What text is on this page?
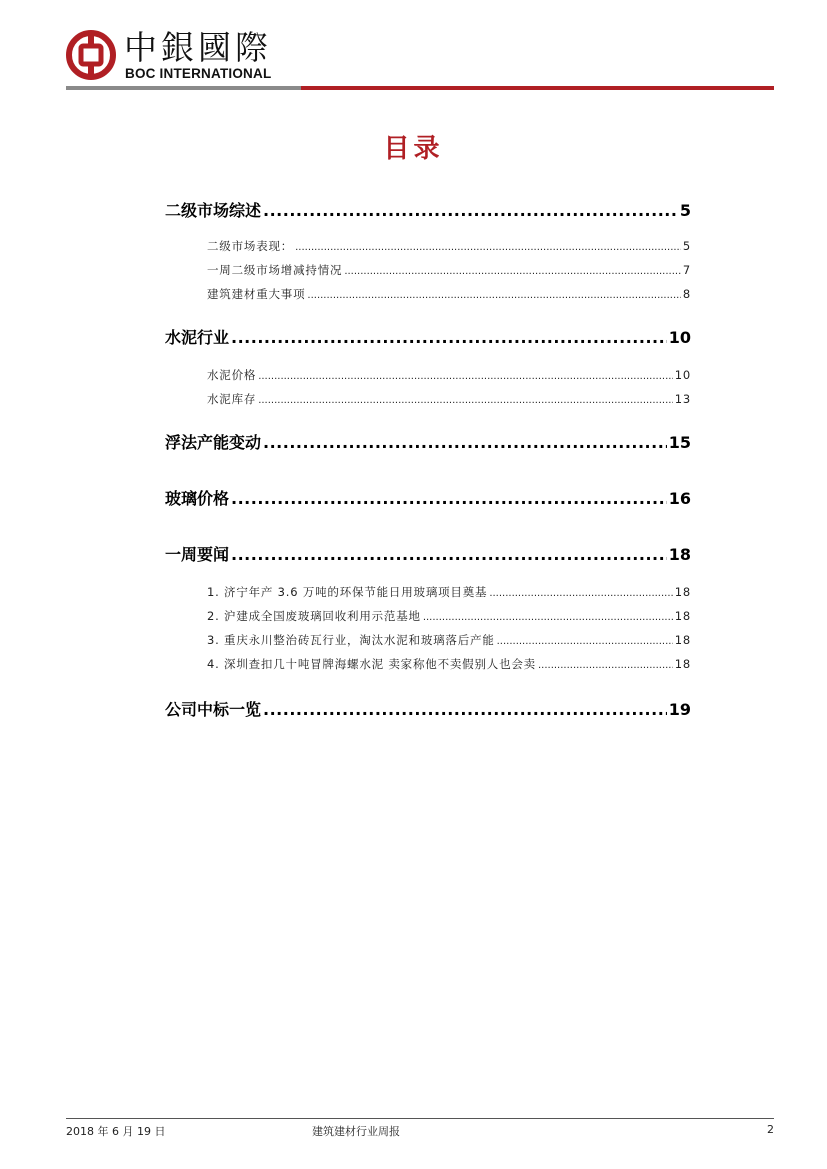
中銀國際
BOC INTERNATIONAL
目录
二级市场综述 .....	5
二级市场表现： .....	5
一周二级市场增减持情况 .....	7
建筑建材重大事项 .....	8
水泥行业 .....	10
水泥价格 .....	10
水泥库存 .....	13
浮法产能变动 .....	15
玻璃价格 .....	16
一周要闻 .....	18
1. 济宁年产 3.6 万吨的环保节能日用玻璃项目奠基 .....	18
2. 沪建成全国废玻璃回收利用示范基地 .....	18
3. 重庆永川整治砖瓦行业，淘汰水泥和玻璃落后产能 .....	18
4. 深圳查扣几十吨冒牌海螺水泥 卖家称他不卖假别人也会卖 .....	18
公司中标一览 .....	19
2018 年 6 月 19 日	建筑建材行业周报	2
